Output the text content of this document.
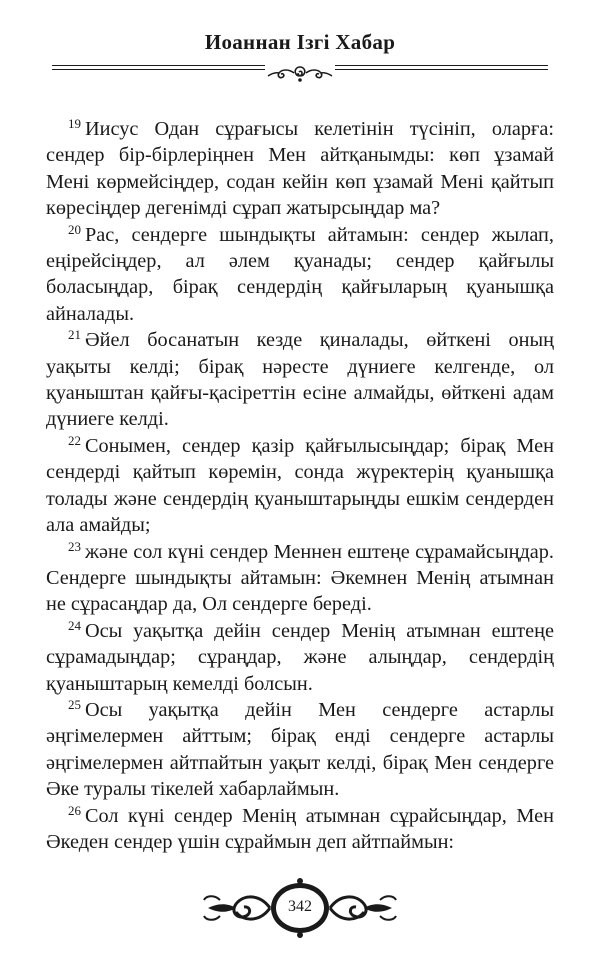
Иоаннан Ізгі Хабар

$^{19}$ Иисус Одан сұрағысы келетінін түсініп, оларға: сендер бір-бірлеріңнен Мен айтқанымды: көп ұзамай Мені көрмейсіңдер, содан кейін көп ұзамай Мені қайтып көресіңдер дегенімді сұрап жатырсыңдар ма?

$^{20}$ Рас, сендерге шындықты айтамын: сендер жылап, еңірейсіңдер, ал әлем қуанады; сендер қайғылы боласыңдар, бірақ сендердің қайғыларың қуанышқа айналады.

$^{21}$ Әйел босанатын кезде қиналады, өйткені оның уақыты келді; бірақ нәресте дүниеге келгенде, ол қуаныштан қайғы-қасіреттін есіне алмайды, өйткені адам дүниеге келді.

$^{22}$ Сонымен, сендер қазір қайғылысыңдар; бірақ Мен сендерді қайтып көремін, сонда жүректерің қуанышқа толады және сендердің қуаныштарыңды ешкім сендерден ала амайды;

$^{23}$ және сол күні сендер Меннен ештеңе сұрамайсыңдар. Сендерге шындықты айтамын: Әкемнен Менің атымнан не сұрасаңдар да, Ол сендерге береді.

$^{24}$ Осы уақытқа дейін сендер Менің атымнан ештеңе сұрамадыңдар; сұраңдар, және алыңдар, сендердің қуаныштарың кемелді болсын.

$^{25}$ Осы уақытқа дейін Мен сендерге астарлы әңгімелермен айттым; бірақ енді сендерге астарлы әңгімелермен айтпайтын уақыт келді, бірақ Мен сендерге Әке туралы тікелей хабарлаймын.

$^{26}$ Сол күні сендер Менің атымнан сұрайсыңдар, Мен Әкеден сендер үшін сұраймын деп айтпаймын:

342
